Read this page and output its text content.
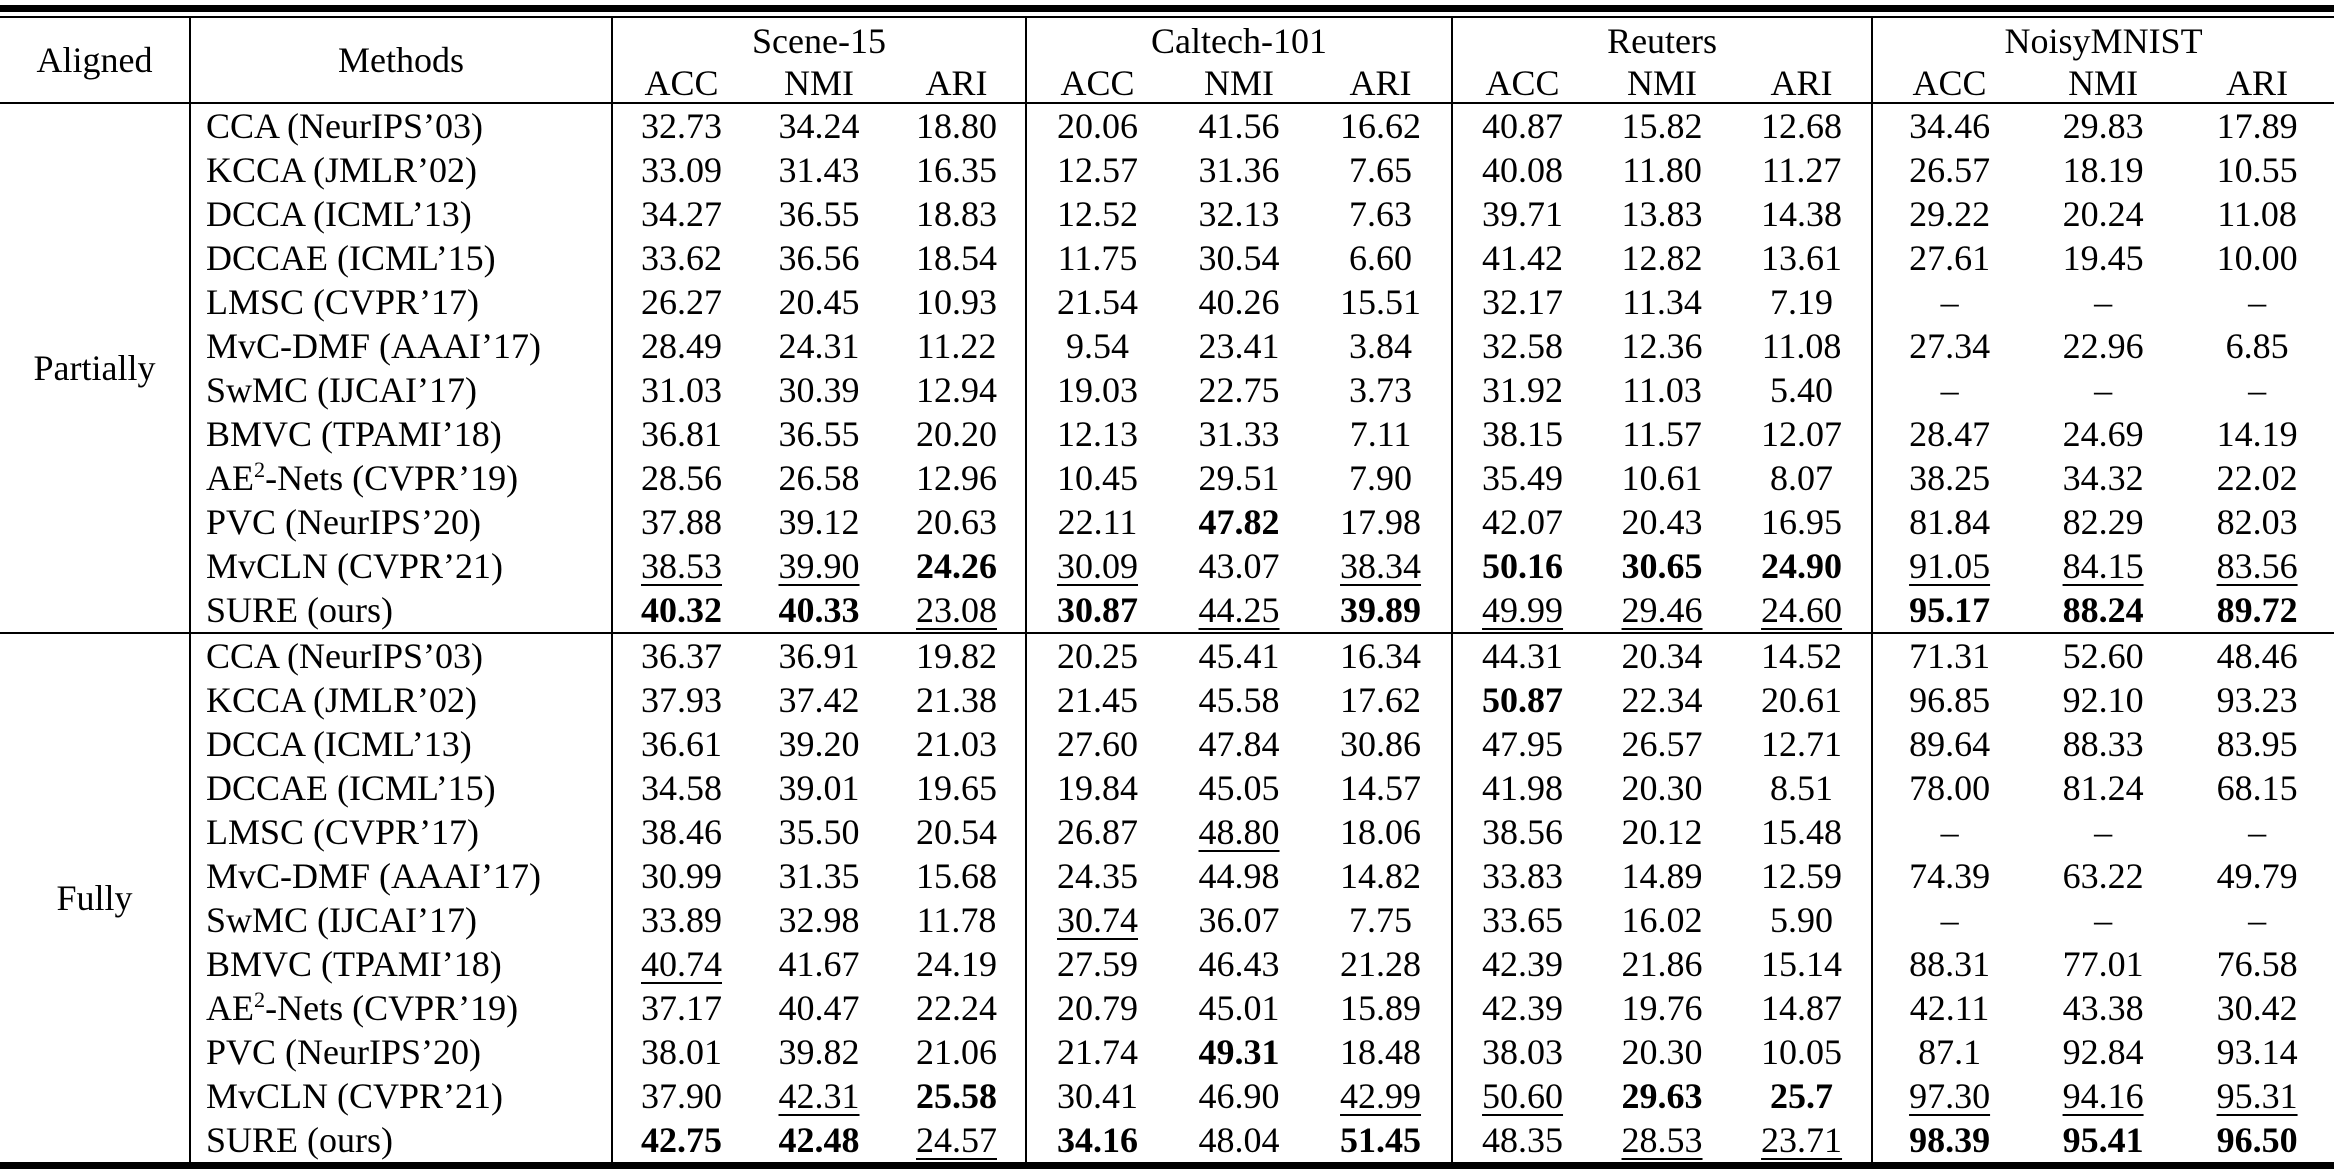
Aligned	Methods	Scene-15			Caltech-101			Reuters			NoisyMNIST		
		ACC	NMI	ARI	ACC	NMI	ARI	ACC	NMI	ARI	ACC	NMI	ARI
Partially	CCA (NeurIPS’03)	32.73	34.24	18.80	20.06	41.56	16.62	40.87	15.82	12.68	34.46	29.83	17.89
	KCCA (JMLR’02)	33.09	31.43	16.35	12.57	31.36	7.65	40.08	11.80	11.27	26.57	18.19	10.55
	DCCA (ICML’13)	34.27	36.55	18.83	12.52	32.13	7.63	39.71	13.83	14.38	29.22	20.24	11.08
	DCCAE (ICML’15)	33.62	36.56	18.54	11.75	30.54	6.60	41.42	12.82	13.61	27.61	19.45	10.00
	LMSC (CVPR’17)	26.27	20.45	10.93	21.54	40.26	15.51	32.17	11.34	7.19	–	–	–
	MvC-DMF (AAAI’17)	28.49	24.31	11.22	9.54	23.41	3.84	32.58	12.36	11.08	27.34	22.96	6.85
	SwMC (IJCAI’17)	31.03	30.39	12.94	19.03	22.75	3.73	31.92	11.03	5.40	–	–	–
	BMVC (TPAMI’18)	36.81	36.55	20.20	12.13	31.33	7.11	38.15	11.57	12.07	28.47	24.69	14.19
	$AE^2$-Nets (CVPR’19)	28.56	26.58	12.96	10.45	29.51	7.90	35.49	10.61	8.07	38.25	34.32	22.02
	PVC (NeurIPS’20)	37.88	39.12	20.63	22.11	47.82	17.98	42.07	20.43	16.95	81.84	82.29	82.03
	MvCLN (CVPR’21)	38.53	39.90	24.26	30.09	43.07	38.34	50.16	30.65	24.90	91.05	84.15	83.56
	SURE (ours)	40.32	40.33	23.08	30.87	44.25	39.89	49.99	29.46	24.60	95.17	88.24	89.72
Fully	CCA (NeurIPS’03)	36.37	36.91	19.82	20.25	45.41	16.34	44.31	20.34	14.52	71.31	52.60	48.46
	KCCA (JMLR’02)	37.93	37.42	21.38	21.45	45.58	17.62	50.87	22.34	20.61	96.85	92.10	93.23
	DCCA (ICML’13)	36.61	39.20	21.03	27.60	47.84	30.86	47.95	26.57	12.71	89.64	88.33	83.95
	DCCAE (ICML’15)	34.58	39.01	19.65	19.84	45.05	14.57	41.98	20.30	8.51	78.00	81.24	68.15
	LMSC (CVPR’17)	38.46	35.50	20.54	26.87	48.80	18.06	38.56	20.12	15.48	–	–	–
	MvC-DMF (AAAI’17)	30.99	31.35	15.68	24.35	44.98	14.82	33.83	14.89	12.59	74.39	63.22	49.79
	SwMC (IJCAI’17)	33.89	32.98	11.78	30.74	36.07	7.75	33.65	16.02	5.90	–	–	–
	BMVC (TPAMI’18)	40.74	41.67	24.19	27.59	46.43	21.28	42.39	21.86	15.14	88.31	77.01	76.58
	$AE^2$-Nets (CVPR’19)	37.17	40.47	22.24	20.79	45.01	15.89	42.39	19.76	14.87	42.11	43.38	30.42
	PVC (NeurIPS’20)	38.01	39.82	21.06	21.74	49.31	18.48	38.03	20.30	10.05	87.1	92.84	93.14
	MvCLN (CVPR’21)	37.90	42.31	25.58	30.41	46.90	42.99	50.60	29.63	25.7	97.30	94.16	95.31
	SURE (ours)	42.75	42.48	24.57	34.16	48.04	51.45	48.35	28.53	23.71	98.39	95.41	96.50
